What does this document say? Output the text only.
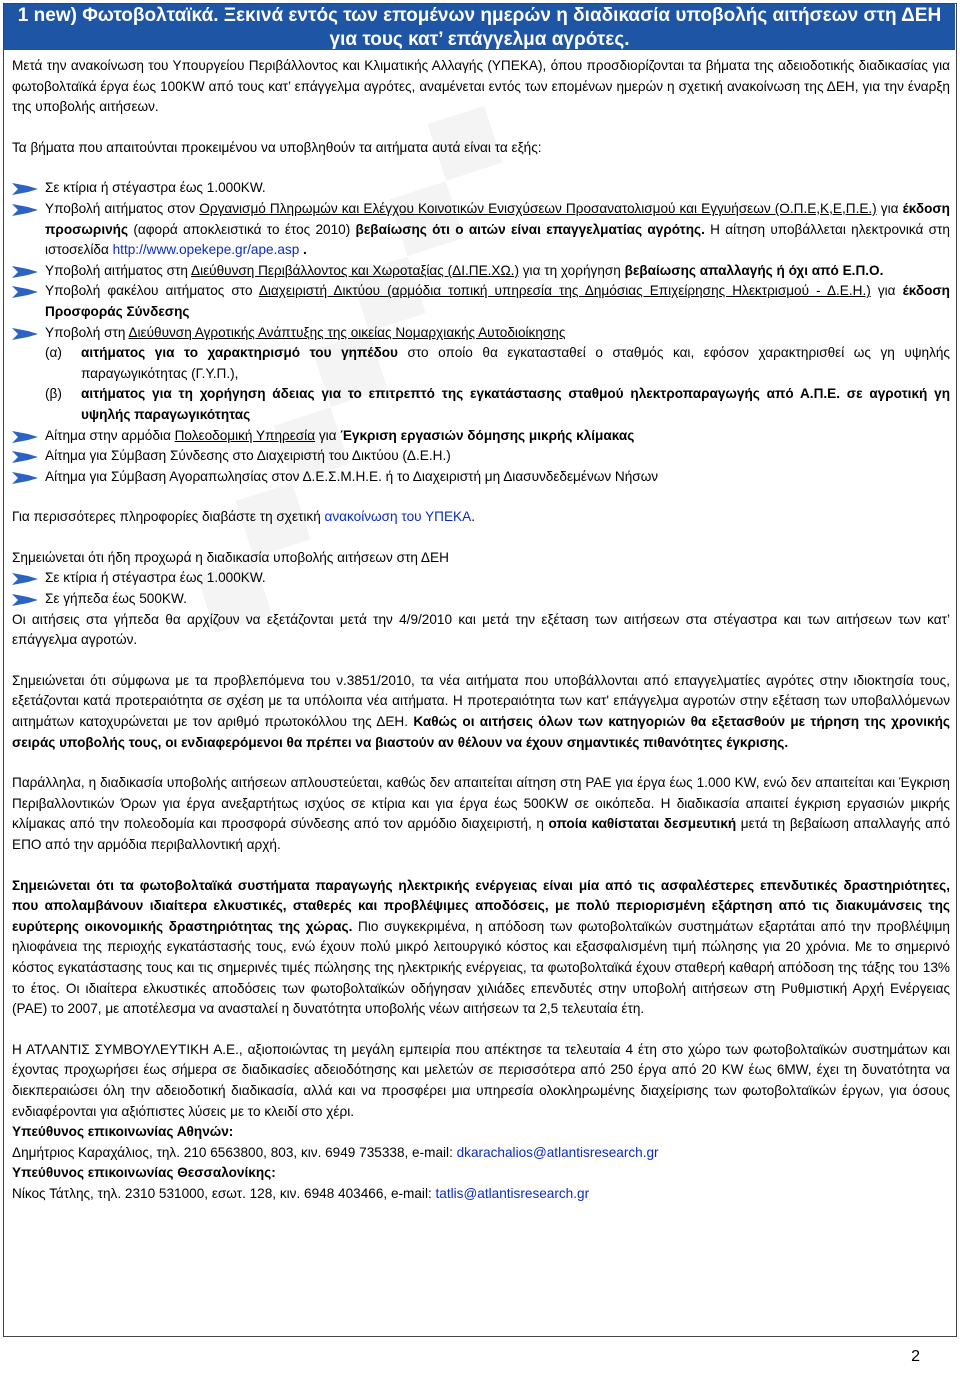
1 new) Φωτοβολταϊκά. Ξεκινά εντός των επομένων ημερών η διαδικασία υποβολής αιτήσεων στη ΔΕΗ για τους κατ’ επάγγελμα αγρότες.

Μετά την ανακοίνωση του Υπουργείου Περιβάλλοντος και Κλιματικής Αλλαγής (ΥΠΕΚΑ), όπου προσδιορίζονται τα βήματα της αδειοδοτικής διαδικασίας για φωτοβολταϊκά έργα έως 100KW από τους κατ’ επάγγελμα αγρότες, αναμένεται εντός των επομένων ημερών η σχετική ανακοίνωση της ΔΕΗ, για την έναρξη της υποβολής αιτήσεων.

Τα βήματα που απαιτούνται προκειμένου να υποβληθούν τα αιτήματα αυτά είναι τα εξής:

Σε κτίρια ή στέγαστρα έως 1.000KW.
Υποβολή αιτήματος στον Οργανισμό Πληρωμών και Ελέγχου Κοινοτικών Ενισχύσεων Προσανατολισμού και Εγγυήσεων (Ο.Π.Ε,Κ,Ε,Π.Ε.) για έκδοση προσωρινής (αφορά αποκλειστικά το έτος 2010) βεβαίωσης ότι ο αιτών είναι επαγγελματίας αγρότης. Η αίτηση υποβάλλεται ηλεκτρονικά στη ιστοσελίδα http://www.opekepe.gr/ape.asp .
Υποβολή αιτήματος στη Διεύθυνση Περιβάλλοντος και Χωροταξίας (ΔΙ.ΠΕ.ΧΩ.) για τη χορήγηση βεβαίωσης απαλλαγής ή όχι από Ε.Π.Ο.
Υποβολή φακέλου αιτήματος στο Διαχειριστή Δικτύου (αρμόδια τοπική υπηρεσία της Δημόσιας Επιχείρησης Ηλεκτρισμού - Δ.Ε.Η.) για έκδοση Προσφοράς Σύνδεσης
Υποβολή στη Διεύθυνση Αγροτικής Ανάπτυξης της οικείας Νομαρχιακής Αυτοδιοίκησης
(α)	αιτήματος για το χαρακτηρισμό του γηπέδου στο οποίο θα εγκατασταθεί ο σταθμός και, εφόσον χαρακτηρισθεί ως γη υψηλής παραγωγικότητας (Γ.Υ.Π.),
(β)	αιτήματος για τη χορήγηση άδειας για το επιτρεπτό της εγκατάστασης σταθμού ηλεκτροπαραγωγής από Α.Π.Ε. σε αγροτική γη υψηλής παραγωγικότητας
Αίτημα στην αρμόδια Πολεοδομική Υπηρεσία για Έγκριση εργασιών δόμησης μικρής κλίμακας
Αίτημα για Σύμβαση Σύνδεσης στο Διαχειριστή του Δικτύου (Δ.Ε.Η.)
Αίτημα για Σύμβαση Αγοραπωλησίας στον Δ.Ε.Σ.Μ.Η.Ε. ή το Διαχειριστή μη Διασυνδεδεμένων Νήσων

Για περισσότερες πληροφορίες διαβάστε τη σχετική ανακοίνωση του ΥΠΕΚΑ.

Σημειώνεται ότι ήδη προχωρά η διαδικασία υποβολής αιτήσεων στη ΔΕΗ

Σε κτίρια ή στέγαστρα έως 1.000KW.
Σε γήπεδα έως 500KW.

Οι αιτήσεις στα γήπεδα θα αρχίζουν να εξετάζονται μετά την 4/9/2010 και μετά την εξέταση των αιτήσεων στα στέγαστρα και των αιτήσεων των κατ’ επάγγελμα αγροτών.

Σημειώνεται ότι σύμφωνα με τα προβλεπόμενα του ν.3851/2010, τα νέα αιτήματα που υποβάλλονται από επαγγελματίες αγρότες στην ιδιοκτησία τους, εξετάζονται κατά προτεραιότητα σε σχέση με τα υπόλοιπα νέα αιτήματα. Η προτεραιότητα των κατ' επάγγελμα αγροτών στην εξέταση των υποβαλλόμενων αιτημάτων κατοχυρώνεται με τον αριθμό πρωτοκόλλου της ΔΕΗ. Καθώς οι αιτήσεις όλων των κατηγοριών θα εξετασθούν με τήρηση της χρονικής σειράς υποβολής τους, οι ενδιαφερόμενοι θα πρέπει να βιαστούν αν θέλουν να έχουν σημαντικές πιθανότητες έγκρισης.

Παράλληλα, η διαδικασία υποβολής αιτήσεων απλουστεύεται, καθώς δεν απαιτείται αίτηση στη ΡΑΕ για έργα έως 1.000 KW, ενώ δεν απαιτείται και Έγκριση Περιβαλλοντικών Όρων για έργα ανεξαρτήτως ισχύος σε κτίρια και για έργα έως 500KW σε οικόπεδα. Η διαδικασία απαιτεί έγκριση εργασιών μικρής κλίμακας από την πολεοδομία και προσφορά σύνδεσης από τον αρμόδιο διαχειριστή, η οποία καθίσταται δεσμευτική μετά τη βεβαίωση απαλλαγής από ΕΠΟ από την αρμόδια περιβαλλοντική αρχή.

Σημειώνεται ότι τα φωτοβολταϊκά συστήματα παραγωγής ηλεκτρικής ενέργειας είναι μία από τις ασφαλέστερες επενδυτικές δραστηριότητες, που απολαμβάνουν ιδιαίτερα ελκυστικές, σταθερές και προβλέψιμες αποδόσεις, με πολύ περιορισμένη εξάρτηση από τις διακυμάνσεις της ευρύτερης οικονομικής δραστηριότητας της χώρας. Πιο συγκεκριμένα, η απόδοση των φωτοβολταϊκών συστημάτων εξαρτάται από την προβλέψιμη ηλιοφάνεια της περιοχής εγκατάστασής τους, ενώ έχουν πολύ μικρό λειτουργικό κόστος και εξασφαλισμένη τιμή πώλησης για 20 χρόνια. Με το σημερινό κόστος εγκατάστασης τους και τις σημερινές τιμές πώλησης της ηλεκτρικής ενέργειας, τα φωτοβολταϊκά έχουν σταθερή καθαρή απόδοση της τάξης του 13% το έτος. Οι ιδιαίτερα ελκυστικές αποδόσεις των φωτοβολταϊκών οδήγησαν χιλιάδες επενδυτές στην υποβολή αιτήσεων στη Ρυθμιστική Αρχή Ενέργειας (ΡΑΕ) το 2007, με αποτέλεσμα να ανασταλεί η δυνατότητα υποβολής νέων αιτήσεων τα 2,5 τελευταία έτη.

Η ΑΤΛΑΝΤΙΣ ΣΥΜΒΟΥΛΕΥΤΙΚΗ Α.Ε., αξιοποιώντας τη μεγάλη εμπειρία που απέκτησε τα τελευταία 4 έτη στο χώρο των φωτοβολταϊκών συστημάτων και έχοντας προχωρήσει έως σήμερα σε διαδικασίες αδειοδότησης και μελετών σε περισσότερα από 250 έργα από 20 KW έως 6MW, έχει τη δυνατότητα να διεκπεραιώσει όλη την αδειοδοτική διαδικασία, αλλά και να προσφέρει μια υπηρεσία ολοκληρωμένης διαχείρισης των φωτοβολταϊκών έργων, για όσους ενδιαφέρονται για αξιόπιστες λύσεις με το κλειδί στο χέρι.

Υπεύθυνος επικοινωνίας Αθηνών:

Δημήτριος Καραχάλιος, τηλ. 210 6563800, 803, κιν. 6949 735338, e-mail: dkarachalios@atlantisresearch.gr

Υπεύθυνος επικοινωνίας Θεσσαλονίκης:

Νίκος Τάτλης, τηλ. 2310 531000, εσωτ. 128, κιν. 6948 403466, e-mail: tatlis@atlantisresearch.gr

2
